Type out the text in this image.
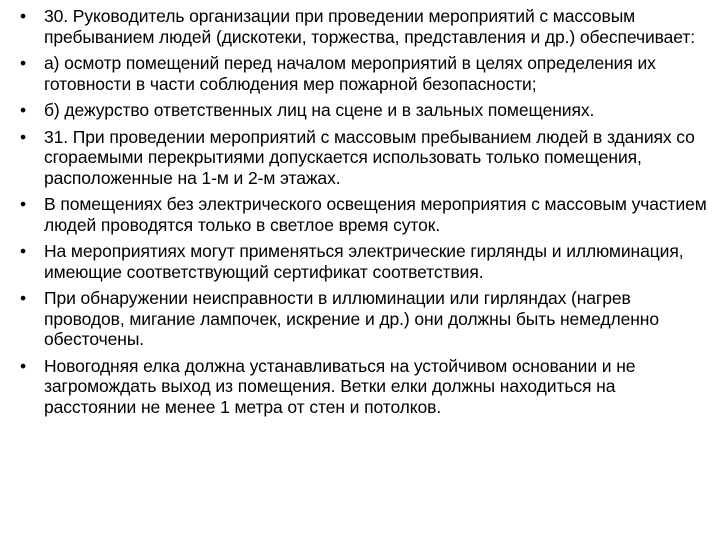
•	30. Руководитель организации при проведении мероприятий с массовым пребыванием людей (дискотеки, торжества, представления и др.) обеспечивает:
•	а) осмотр помещений перед началом мероприятий в целях определения их готовности в части соблюдения мер пожарной безопасности;
•	б) дежурство ответственных лиц на сцене и в зальных помещениях.
•	31. При проведении мероприятий с массовым пребыванием людей в зданиях со сгораемыми перекрытиями допускается использовать только помещения, расположенные на 1-м и 2-м этажах.
•	В помещениях без электрического освещения мероприятия с массовым участием людей проводятся только в светлое время суток.
•	На мероприятиях могут применяться электрические гирлянды и иллюминация, имеющие соответствующий сертификат соответствия.
•	При обнаружении неисправности в иллюминации или гирляндах (нагрев проводов, мигание лампочек, искрение и др.) они должны быть немедленно обесточены.
•	Новогодняя елка должна устанавливаться на устойчивом основании и не загромождать выход из помещения. Ветки елки должны находиться на расстоянии не менее 1 метра от стен и потолков.
